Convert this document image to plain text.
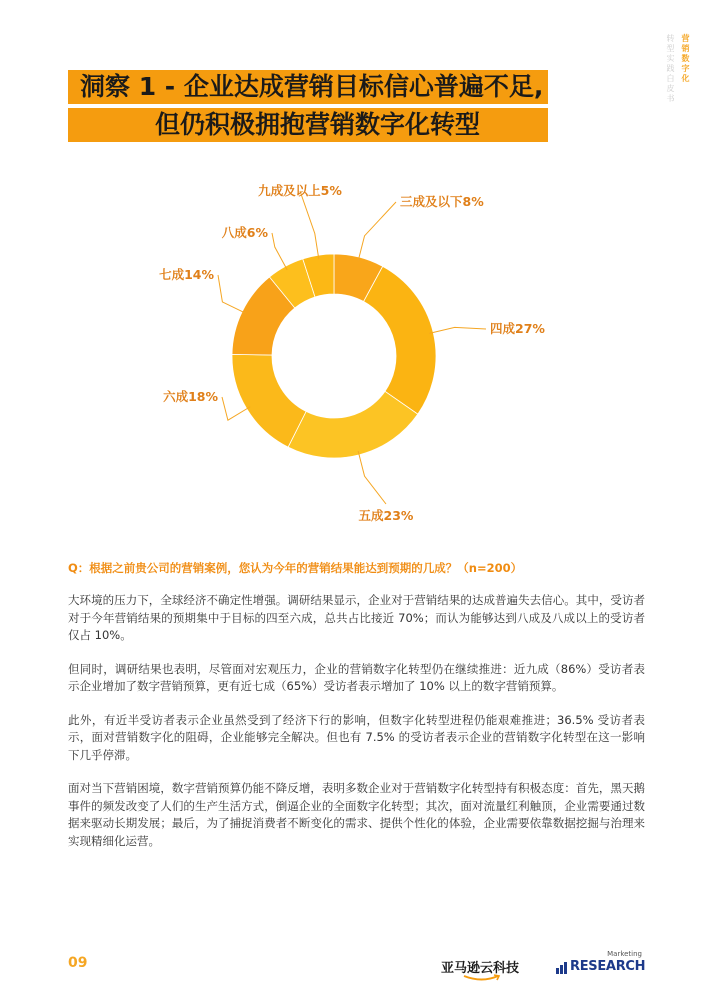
转型实践白皮书
营销数字化
洞察 1 - 企业达成营销目标信心普遍不足,
但仍积极拥抱营销数字化转型
三成及以下8%
四成27%
五成23%
六成18%
七成14%
八成6%
九成及以上5%
Q：根据之前贵公司的营销案例，您认为今年的营销结果能达到预期的几成？（n=200）

大环境的压力下，全球经济不确定性增强。调研结果显示，企业对于营销结果的达成普遍失去信心。其中，受访者对于今年营销结果的预期集中于目标的四至六成，总共占比接近 70%；而认为能够达到八成及八成以上的受访者仅占 10%。

但同时，调研结果也表明，尽管面对宏观压力，企业的营销数字化转型仍在继续推进：近九成（86%）受访者表示企业增加了数字营销预算，更有近七成（65%）受访者表示增加了 10% 以上的数字营销预算。

此外，有近半受访者表示企业虽然受到了经济下行的影响，但数字化转型进程仍能艰难推进；36.5% 受访者表示，面对营销数字化的阻碍，企业能够完全解决。但也有 7.5% 的受访者表示企业的营销数字化转型在这一影响下几乎停滞。

面对当下营销困境，数字营销预算仍能不降反增，表明多数企业对于营销数字化转型持有积极态度：首先，黑天鹅事件的频发改变了人们的生产生活方式，倒逼企业的全面数字化转型；其次，面对流量红利触顶，企业需要通过数据来驱动长期发展；最后，为了捕捉消费者不断变化的需求、提供个性化的体验，企业需要依靠数据挖掘与治理来实现精细化运营。

09	亚马逊云科技
Marketing
RESEARCH
